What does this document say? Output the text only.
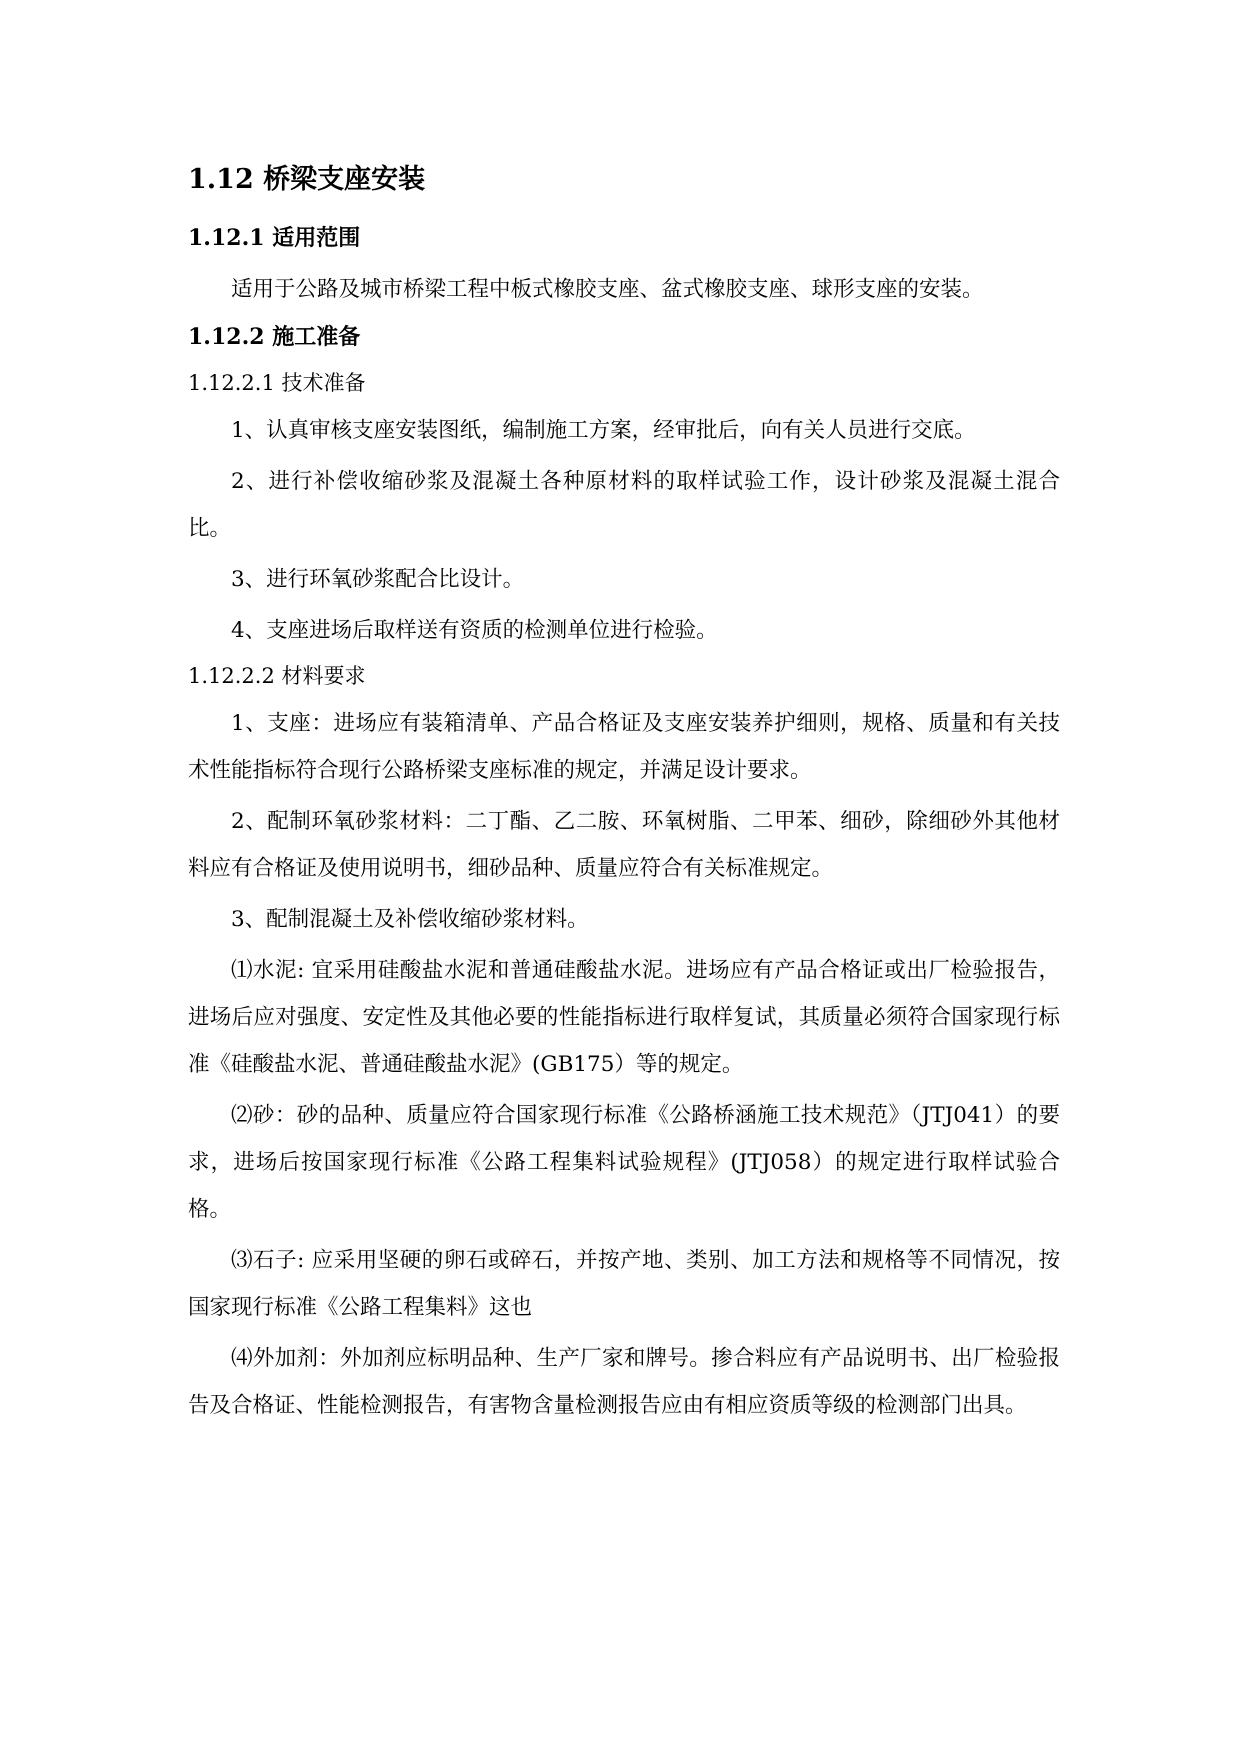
1.12 桥梁支座安装
1.12.1 适用范围

适用于公路及城市桥梁工程中板式橡胶支座、盆式橡胶支座、球形支座的安装。

1.12.2 施工准备
1.12.2.1 技术准备

1、认真审核支座安装图纸，编制施工方案，经审批后，向有关人员进行交底。

2、进行补偿收缩砂浆及混凝土各种原材料的取样试验工作，设计砂浆及混凝土混合比。

3、进行环氧砂浆配合比设计。

4、支座进场后取样送有资质的检测单位进行检验。

1.12.2.2 材料要求

1、支座：进场应有装箱清单、产品合格证及支座安装养护细则，规格、质量和有关技术性能指标符合现行公路桥梁支座标准的规定，并满足设计要求。

2、配制环氧砂浆材料：二丁酯、乙二胺、环氧树脂、二甲苯、细砂，除细砂外其他材料应有合格证及使用说明书，细砂品种、质量应符合有关标准规定。

3、配制混凝土及补偿收缩砂浆材料。

⑴水泥: 宜采用硅酸盐水泥和普通硅酸盐水泥。进场应有产品合格证或出厂检验报告，进场后应对强度、安定性及其他必要的性能指标进行取样复试，其质量必须符合国家现行标准《硅酸盐水泥、普通硅酸盐水泥》(GB175）等的规定。

⑵砂：砂的品种、质量应符合国家现行标准《公路桥涵施工技术规范》（JTJ041）的要求，进场后按国家现行标准《公路工程集料试验规程》(JTJ058）的规定进行取样试验合格。

⑶石子: 应采用坚硬的卵石或碎石，并按产地、类别、加工方法和规格等不同情况，按国家现行标准《公路工程集料》这也

⑷外加剂：外加剂应标明品种、生产厂家和牌号。掺合料应有产品说明书、出厂检验报告及合格证、性能检测报告，有害物含量检测报告应由有相应资质等级的检测部门出具。
